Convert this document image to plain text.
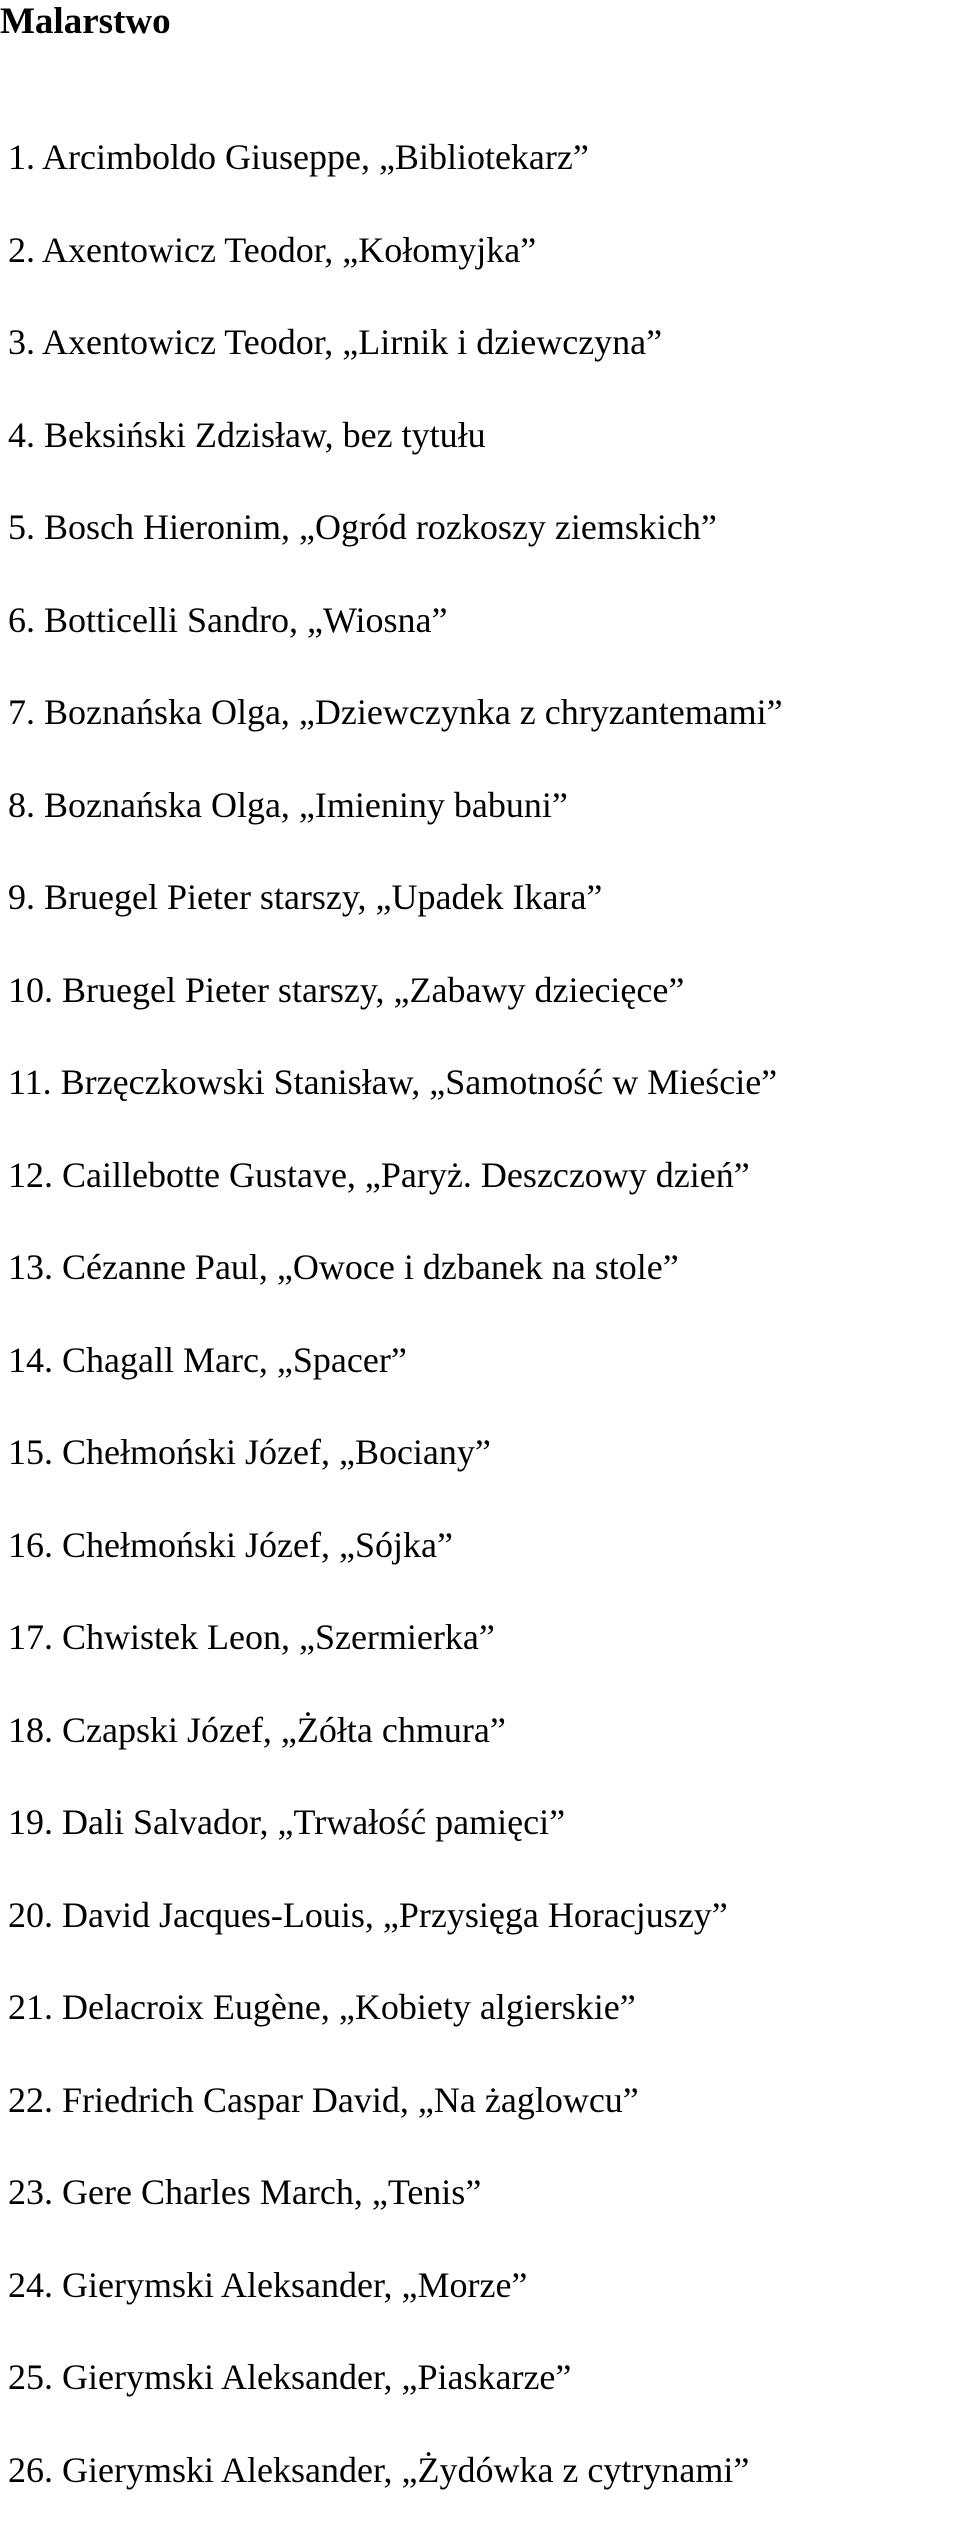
Malarstwo
1. Arcimboldo Giuseppe, „Bibliotekarz”
2. Axentowicz Teodor, „Kołomyjka”
3. Axentowicz Teodor, „Lirnik i dziewczyna”
4. Beksiński Zdzisław, bez tytułu
5. Bosch Hieronim, „Ogród rozkoszy ziemskich”
6. Botticelli Sandro, „Wiosna”
7. Boznańska Olga, „Dziewczynka z chryzantemami”
8. Boznańska Olga, „Imieniny babuni”
9. Bruegel Pieter starszy, „Upadek Ikara”
10. Bruegel Pieter starszy, „Zabawy dziecięce”
11. Brzęczkowski Stanisław, „Samotność w Mieście”
12. Caillebotte Gustave, „Paryż. Deszczowy dzień”
13. Cézanne Paul, „Owoce i dzbanek na stole”
14. Chagall Marc, „Spacer”
15. Chełmoński Józef, „Bociany”
16. Chełmoński Józef, „Sójka”
17. Chwistek Leon, „Szermierka”
18. Czapski Józef, „Żółta chmura”
19. Dali Salvador, „Trwałość pamięci”
20. David Jacques-Louis, „Przysięga Horacjuszy”
21. Delacroix Eugène, „Kobiety algierskie”
22. Friedrich Caspar David, „Na żaglowcu”
23. Gere Charles March, „Tenis”
24. Gierymski Aleksander, „Morze”
25. Gierymski Aleksander, „Piaskarze”
26. Gierymski Aleksander, „Żydówka z cytrynami”
